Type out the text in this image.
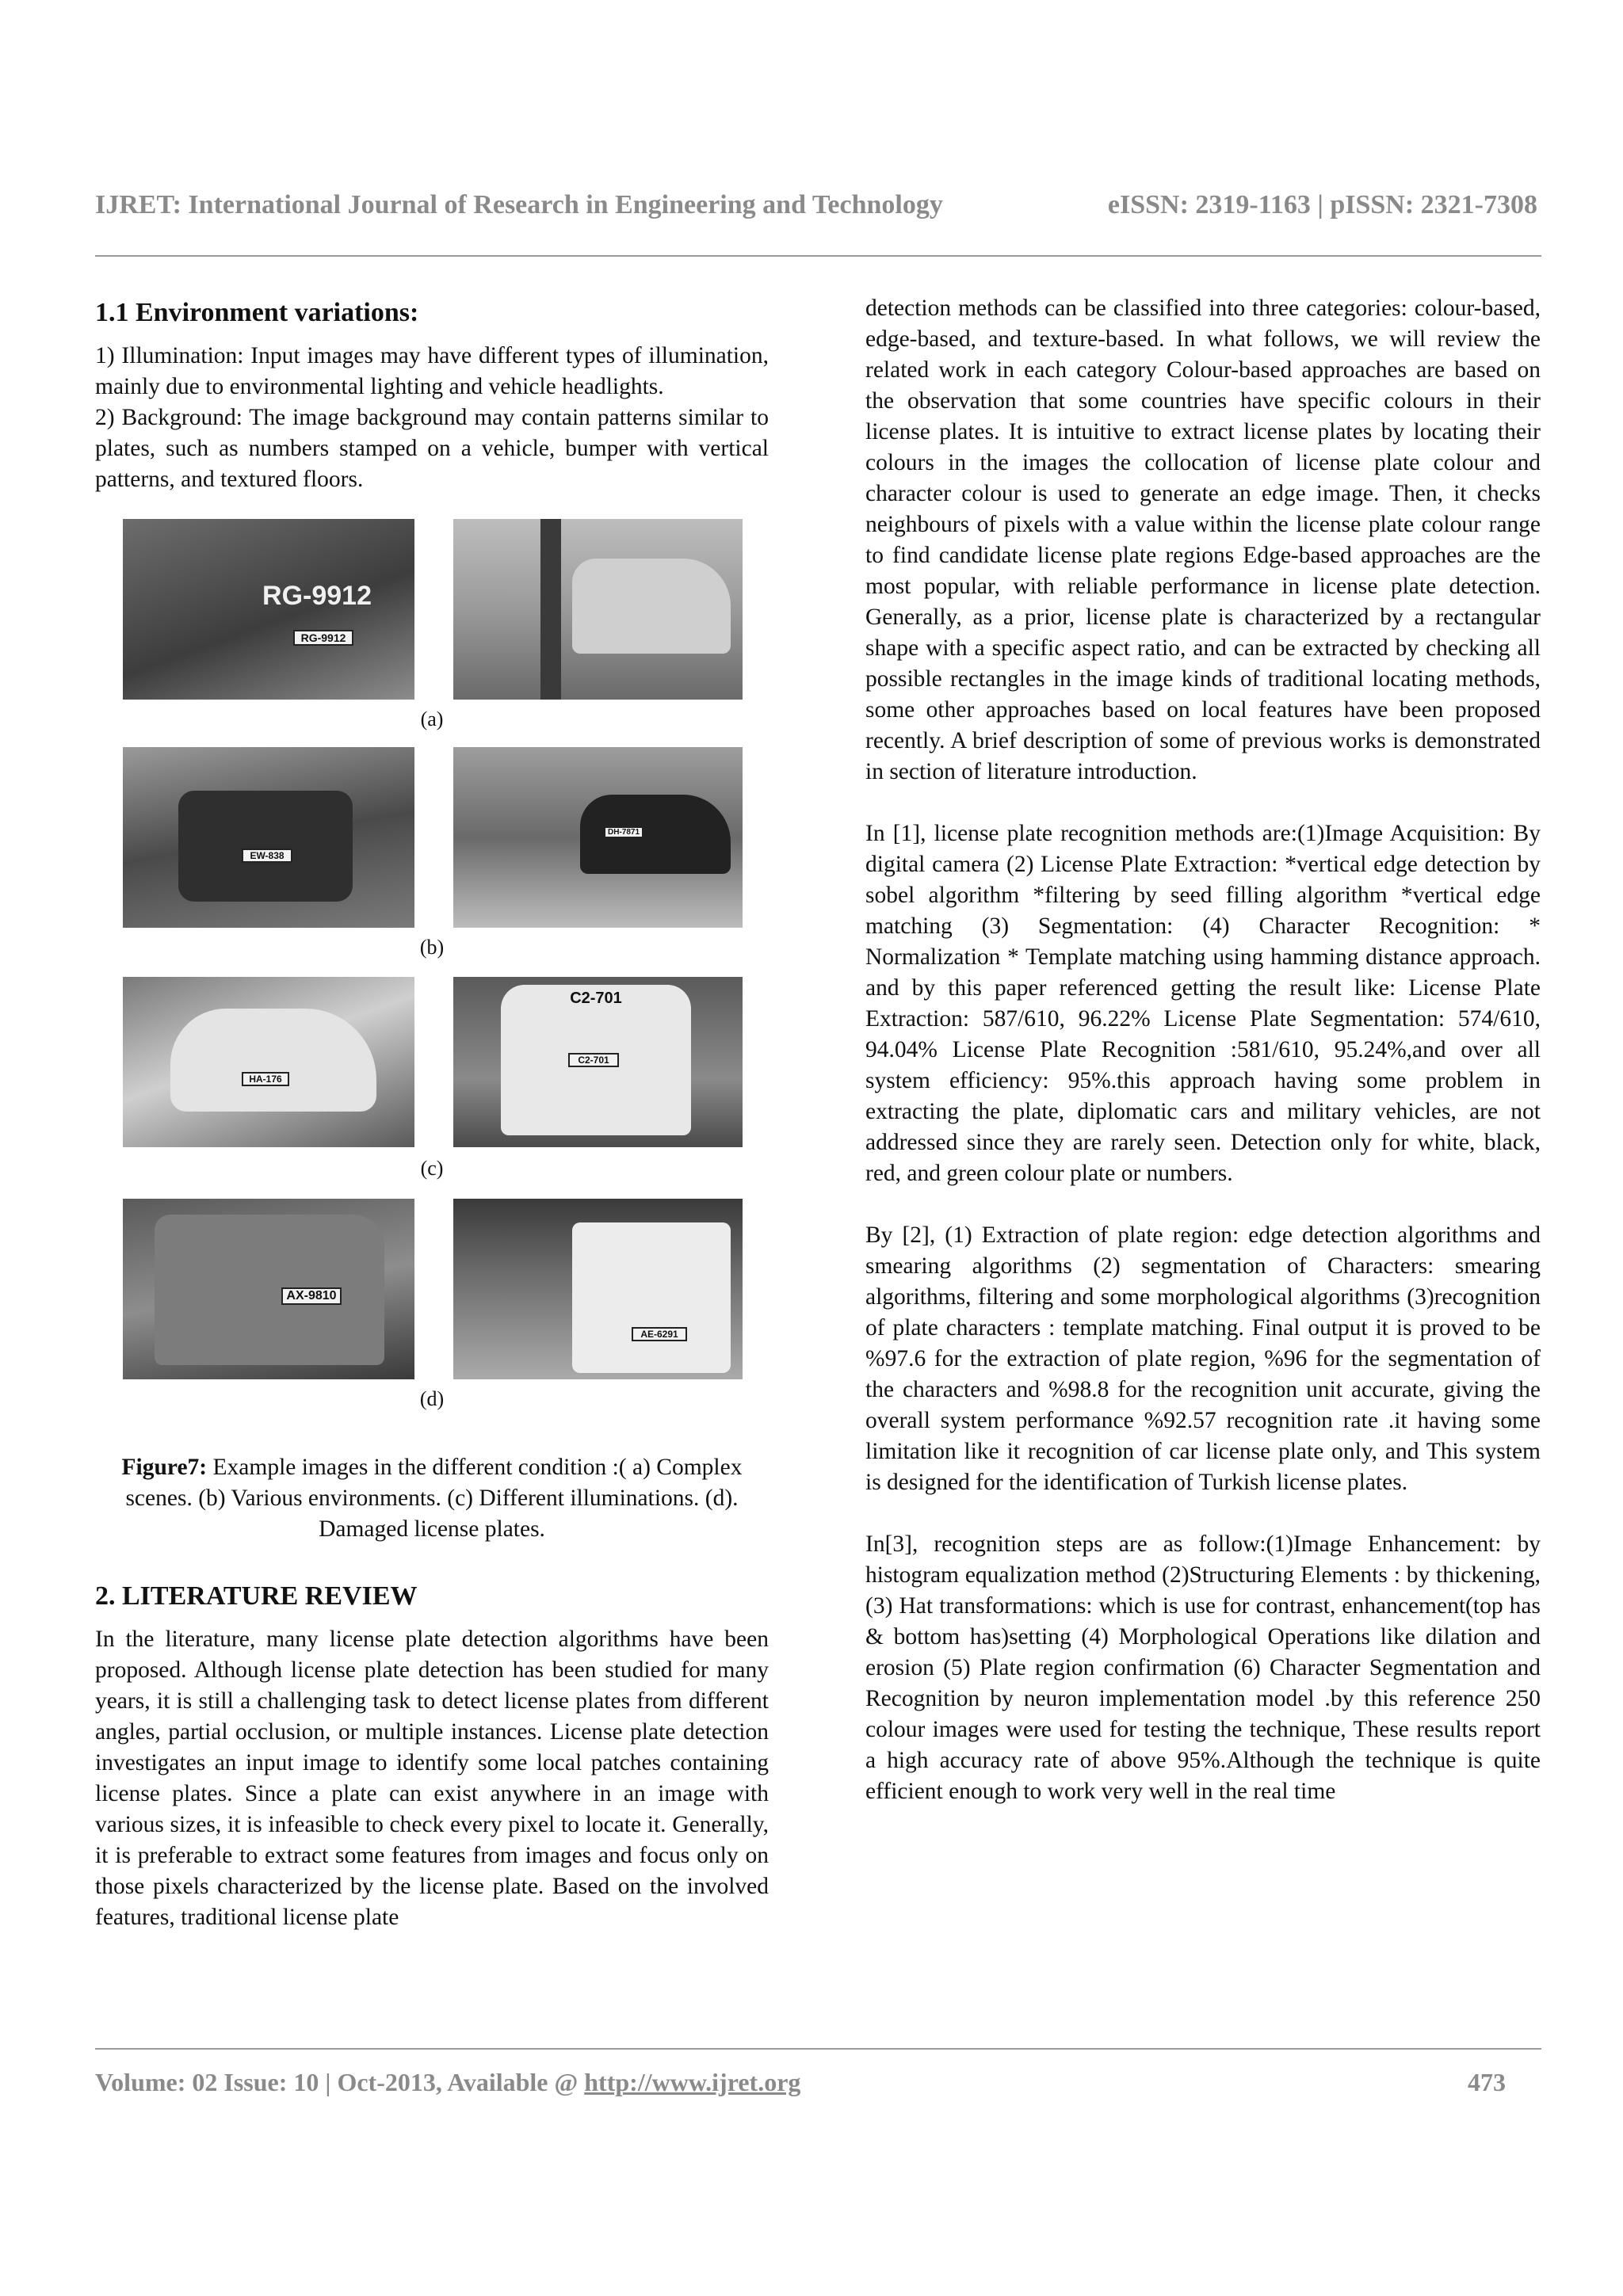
IJRET: International Journal of Research in Engineering and Technology	eISSN: 2319-1163 | pISSN: 2321-7308
1.1 Environment variations:

1) Illumination: Input images may have different types of illumination, mainly due to environmental lighting and vehicle headlights.

2) Background: The image background may contain patterns similar to plates, such as numbers stamped on a vehicle, bumper with vertical patterns, and textured floors.

RG-9912
RG-9912
(a)
EW-838
DH-7871
(b)
HA-176
C2-701
C2-701
(c)
AX-9810
AE-6291
(d)
Figure7: Example images in the different condition :( a) Complex scenes. (b) Various environments. (c) Different illuminations. (d). Damaged license plates.
2. LITERATURE REVIEW

In the literature, many license plate detection algorithms have been proposed. Although license plate detection has been studied for many years, it is still a challenging task to detect license plates from different angles, partial occlusion, or multiple instances. License plate detection investigates an input image to identify some local patches containing license plates. Since a plate can exist anywhere in an image with various sizes, it is infeasible to check every pixel to locate it. Generally, it is preferable to extract some features from images and focus only on those pixels characterized by the license plate. Based on the involved features, traditional license plate

detection methods can be classified into three categories: colour-based, edge-based, and texture-based. In what follows, we will review the related work in each category Colour-based approaches are based on the observation that some countries have specific colours in their license plates. It is intuitive to extract license plates by locating their colours in the images the collocation of license plate colour and character colour is used to generate an edge image. Then, it checks neighbours of pixels with a value within the license plate colour range to find candidate license plate regions Edge-based approaches are the most popular, with reliable performance in license plate detection. Generally, as a prior, license plate is characterized by a rectangular shape with a specific aspect ratio, and can be extracted by checking all possible rectangles in the image kinds of traditional locating methods, some other approaches based on local features have been proposed recently. A brief description of some of previous works is demonstrated in section of literature introduction.

In [1], license plate recognition methods are:(1)Image Acquisition: By digital camera (2) License Plate Extraction: *vertical edge detection by sobel algorithm *filtering by seed filling algorithm *vertical edge matching (3) Segmentation: (4) Character Recognition: * Normalization * Template matching using hamming distance approach. and by this paper referenced getting the result like: License Plate Extraction: 587/610, 96.22% License Plate Segmentation: 574/610, 94.04% License Plate Recognition :581/610, 95.24%,and over all system efficiency: 95%.this approach having some problem in extracting the plate, diplomatic cars and military vehicles, are not addressed since they are rarely seen. Detection only for white, black, red, and green colour plate or numbers.

By [2], (1) Extraction of plate region: edge detection algorithms and smearing algorithms (2) segmentation of Characters: smearing algorithms, filtering and some morphological algorithms (3)recognition of plate characters : template matching. Final output it is proved to be %97.6 for the extraction of plate region, %96 for the segmentation of the characters and %98.8 for the recognition unit accurate, giving the overall system performance %92.57 recognition rate .it having some limitation like it recognition of car license plate only, and This system is designed for the identification of Turkish license plates.

In[3], recognition steps are as follow:(1)Image Enhancement: by histogram equalization method (2)Structuring Elements : by thickening, (3) Hat transformations: which is use for contrast, enhancement(top has & bottom has)setting (4) Morphological Operations like dilation and erosion (5) Plate region confirmation (6) Character Segmentation and Recognition by neuron implementation model .by this reference 250 colour images were used for testing the technique, These results report a high accuracy rate of above 95%.Although the technique is quite efficient enough to work very well in the real time

Volume: 02 Issue: 10 | Oct-2013, Available @ http://www.ijret.org	473
